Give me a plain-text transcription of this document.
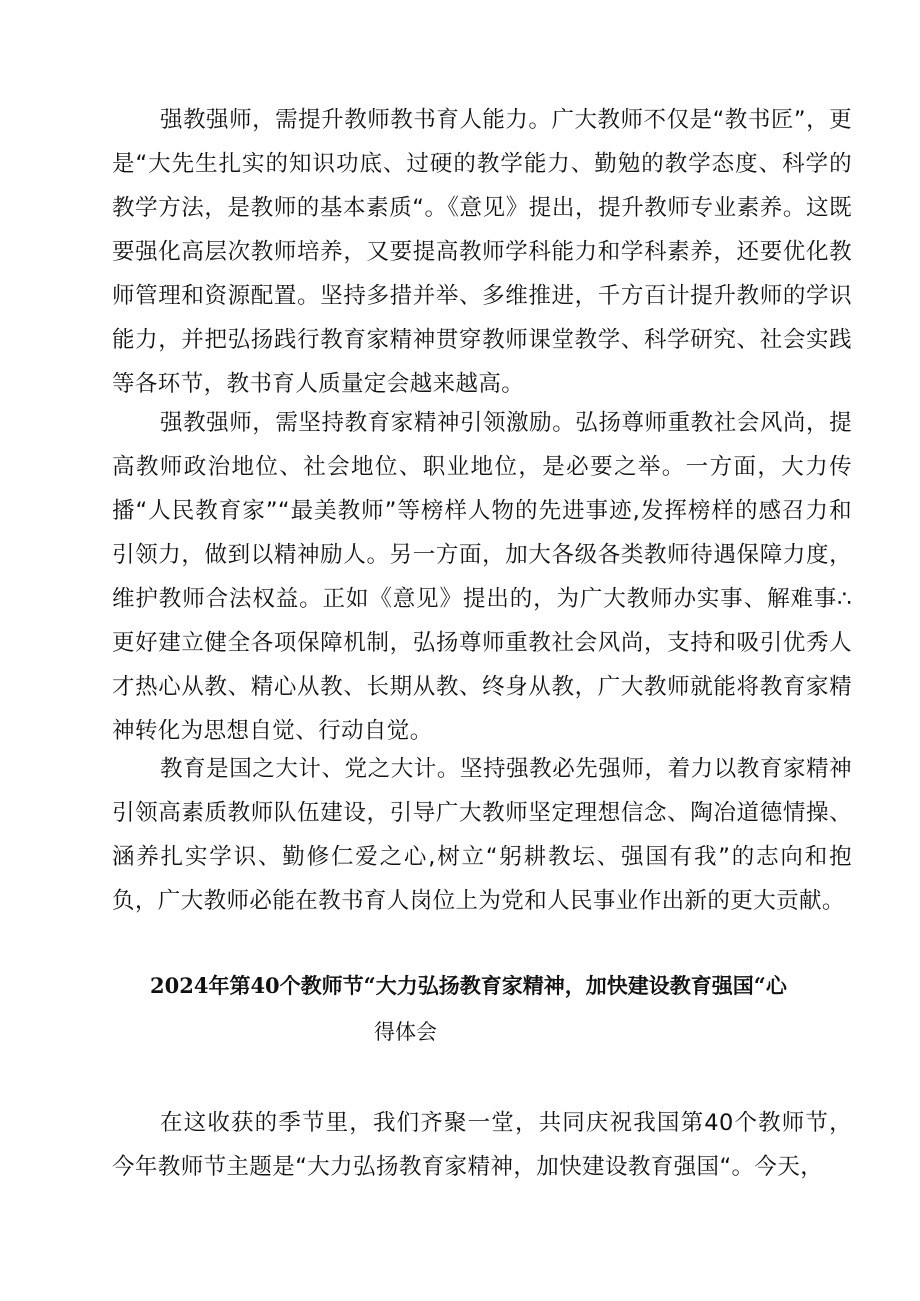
强教强师，需提升教师教书育人能力。广大教师不仅是“教书匠”，更是“大先生扎实的知识功底、过硬的教学能力、勤勉的教学态度、科学的教学方法，是教师的基本素质“。《意见》提出，提升教师专业素养。这既要强化高层次教师培养，又要提高教师学科能力和学科素养，还要优化教师管理和资源配置。坚持多措并举、多维推进，千方百计提升教师的学识能力，并把弘扬践行教育家精神贯穿教师课堂教学、科学研究、社会实践等各环节，教书育人质量定会越来越高。

强教强师，需坚持教育家精神引领激励。弘扬尊师重教社会风尚，提高教师政治地位、社会地位、职业地位，是必要之举。一方面，大力传播“人民教育家”“最美教师”等榜样人物的先进事迹,发挥榜样的感召力和引领力，做到以精神励人。另一方面，加大各级各类教师待遇保障力度，维护教师合法权益。正如《意见》提出的，为广大教师办实事、解难事∴更好建立健全各项保障机制，弘扬尊师重教社会风尚，支持和吸引优秀人才热心从教、精心从教、长期从教、终身从教，广大教师就能将教育家精神转化为思想自觉、行动自觉。

教育是国之大计、党之大计。坚持强教必先强师，着力以教育家精神引领高素质教师队伍建设，引导广大教师坚定理想信念、陶冶道德情操、涵养扎实学识、勤修仁爱之心,树立“躬耕教坛、强国有我”的志向和抱负，广大教师必能在教书育人岗位上为党和人民事业作出新的更大贡献。

2024年第40个教师节“大力弘扬教育家精神，加快建设教育强国“心
得体会

在这收获的季节里，我们齐聚一堂，共同庆祝我国第40个教师节，今年教师节主题是“大力弘扬教育家精神，加快建设教育强国“。今天，
